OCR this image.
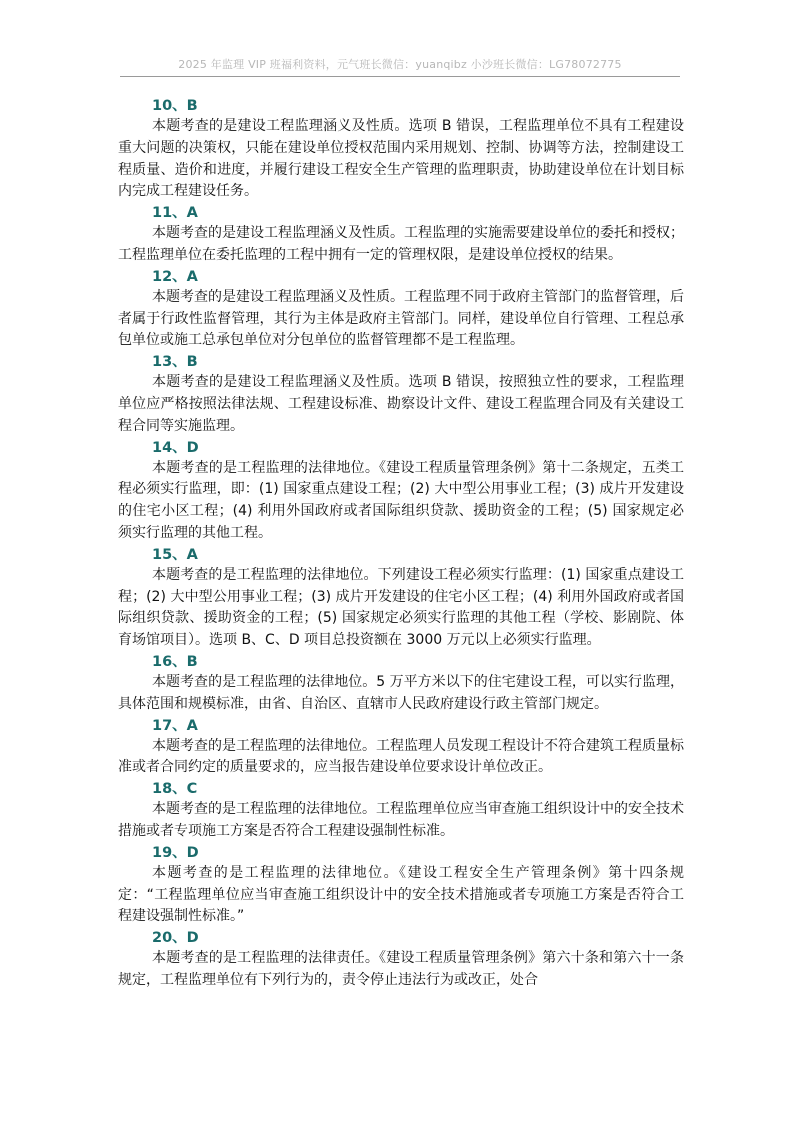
2025 年监理 VIP 班福利资料，元气班长微信：yuanqibz 小沙班长微信：LG78072775
10、B

本题考查的是建设工程监理涵义及性质。选项 B 错误，工程监理单位不具有工程建设重大问题的决策权，只能在建设单位授权范围内采用规划、控制、协调等方法，控制建设工程质量、造价和进度，并履行建设工程安全生产管理的监理职责，协助建设单位在计划目标内完成工程建设任务。

11、A

本题考查的是建设工程监理涵义及性质。工程监理的实施需要建设单位的委托和授权；工程监理单位在委托监理的工程中拥有一定的管理权限，是建设单位授权的结果。

12、A

本题考查的是建设工程监理涵义及性质。工程监理不同于政府主管部门的监督管理，后者属于行政性监督管理，其行为主体是政府主管部门。同样，建设单位自行管理、工程总承包单位或施工总承包单位对分包单位的监督管理都不是工程监理。

13、B

本题考查的是建设工程监理涵义及性质。选项 B 错误，按照独立性的要求，工程监理单位应严格按照法律法规、工程建设标准、勘察设计文件、建设工程监理合同及有关建设工程合同等实施监理。

14、D

本题考查的是工程监理的法律地位。《建设工程质量管理条例》第十二条规定，五类工程必须实行监理，即：(1) 国家重点建设工程；(2) 大中型公用事业工程；(3) 成片开发建设的住宅小区工程；(4) 利用外国政府或者国际组织贷款、援助资金的工程；(5) 国家规定必须实行监理的其他工程。

15、A

本题考查的是工程监理的法律地位。下列建设工程必须实行监理：(1) 国家重点建设工程；(2) 大中型公用事业工程；(3) 成片开发建设的住宅小区工程；(4) 利用外国政府或者国际组织贷款、援助资金的工程；(5) 国家规定必须实行监理的其他工程（学校、影剧院、体育场馆项目）。选项 B、C、D 项目总投资额在 3000 万元以上必须实行监理。

16、B

本题考查的是工程监理的法律地位。5 万平方米以下的住宅建设工程，可以实行监理，具体范围和规模标准，由省、自治区、直辖市人民政府建设行政主管部门规定。

17、A

本题考查的是工程监理的法律地位。工程监理人员发现工程设计不符合建筑工程质量标准或者合同约定的质量要求的，应当报告建设单位要求设计单位改正。

18、C

本题考查的是工程监理的法律地位。工程监理单位应当审查施工组织设计中的安全技术措施或者专项施工方案是否符合工程建设强制性标准。

19、D

本题考查的是工程监理的法律地位。《建设工程安全生产管理条例》第十四条规定：“工程监理单位应当审查施工组织设计中的安全技术措施或者专项施工方案是否符合工程建设强制性标准。”

20、D

本题考查的是工程监理的法律责任。《建设工程质量管理条例》第六十条和第六十一条规定，工程监理单位有下列行为的，责令停止违法行为或改正，处合
